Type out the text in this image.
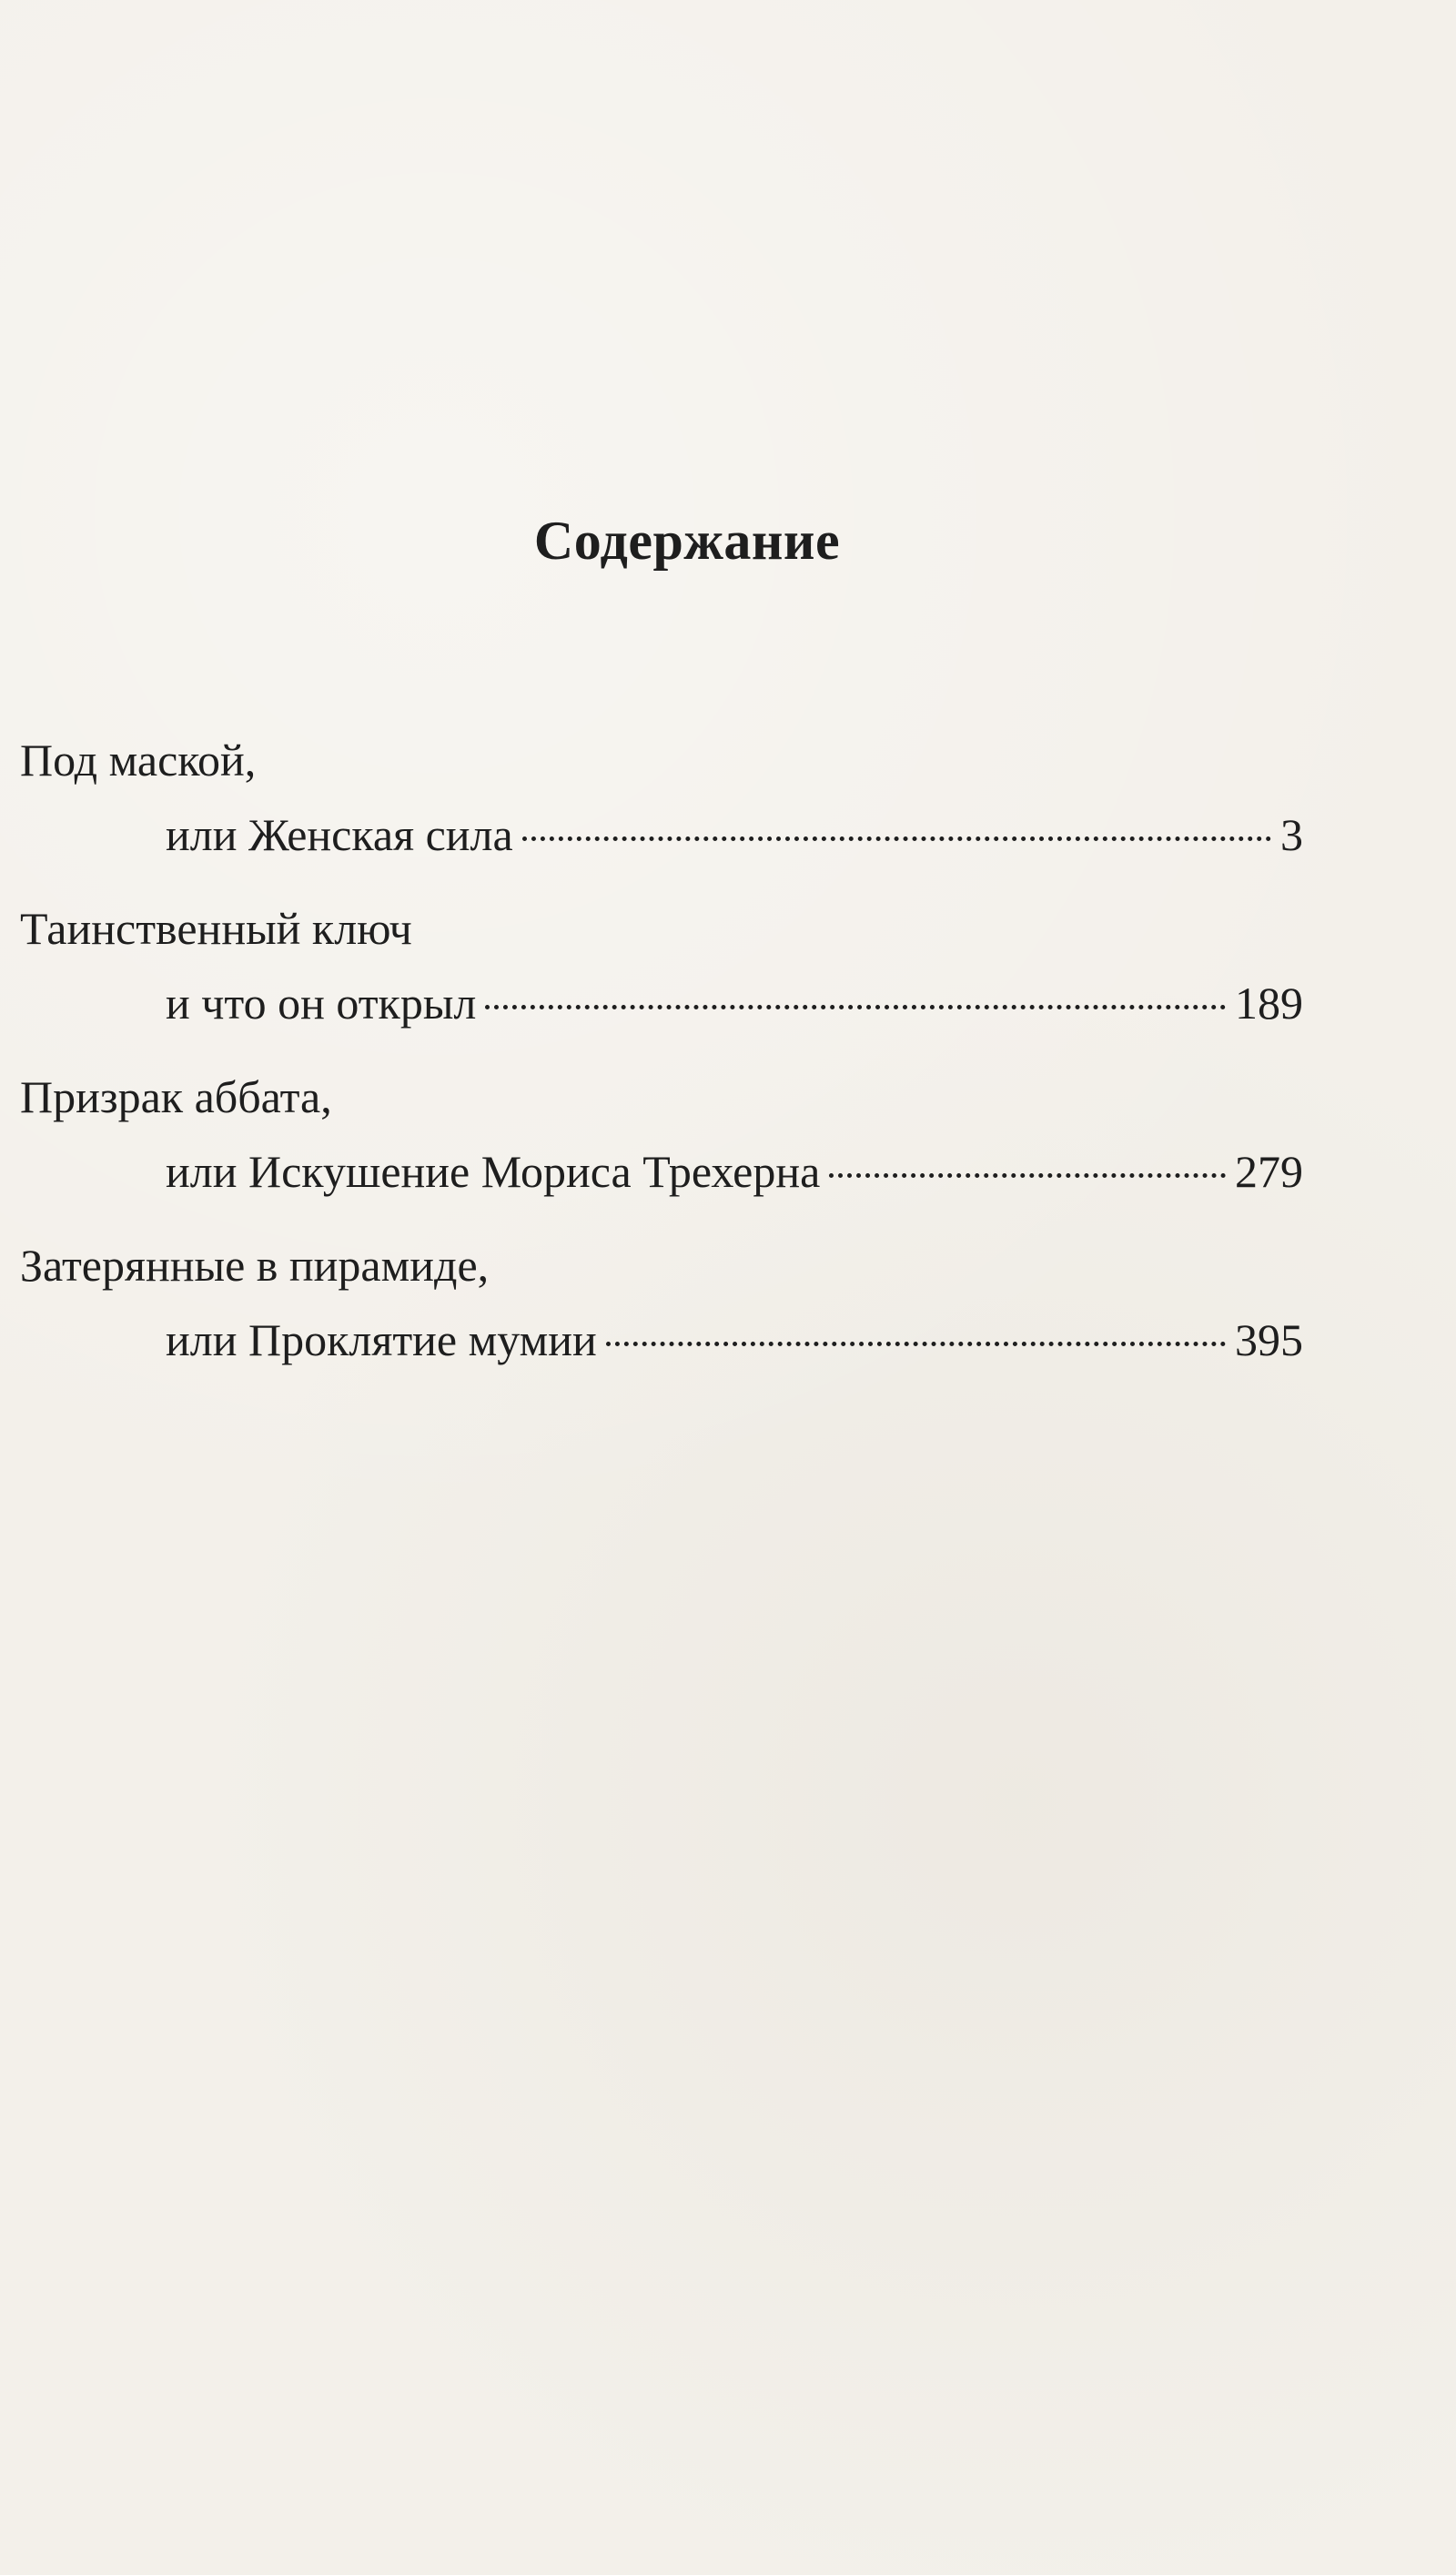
Содержание
Под маской,
или Женская сила	3
Таинственный ключ
и что он открыл	189
Призрак аббата,
или Искушение Мориса Трехерна	279
Затерянные в пирамиде,
или Проклятие мумии	395
